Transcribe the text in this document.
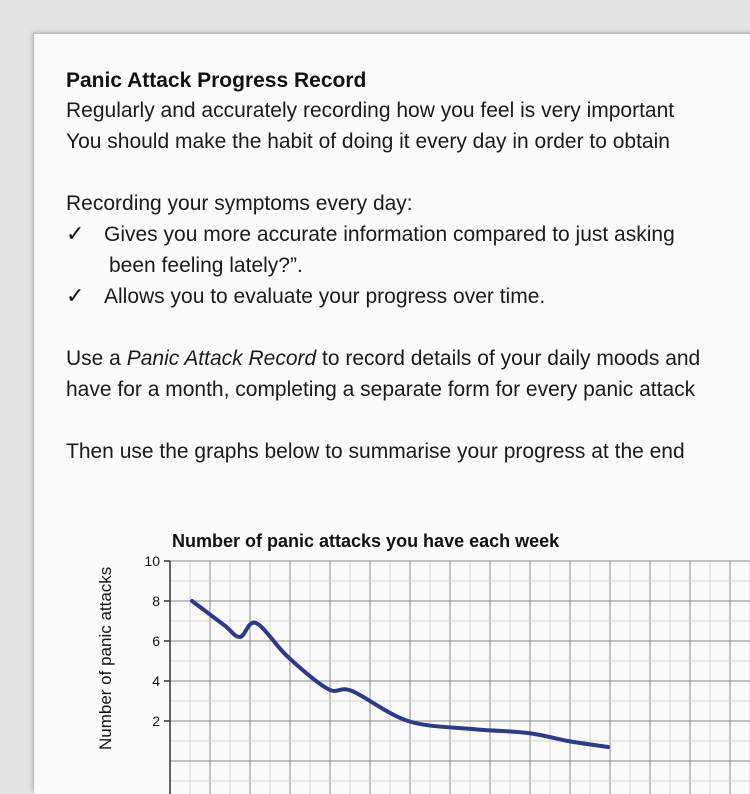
Panic Attack Progress Record
Regularly and accurately recording how you feel is very important
You should make the habit of doing it every day in order to obtain
Recording your symptoms every day:
✓ Gives you more accurate information compared to just asking
been feeling lately?”.
✓ Allows you to evaluate your progress over time.
Use a Panic Attack Record to record details of your daily moods and
have for a month, completing a separate form for every panic attack
Then use the graphs below to summarise your progress at the end
Number of panic attacks you have each week
Number of panic attacks
10
8
6
4
2
